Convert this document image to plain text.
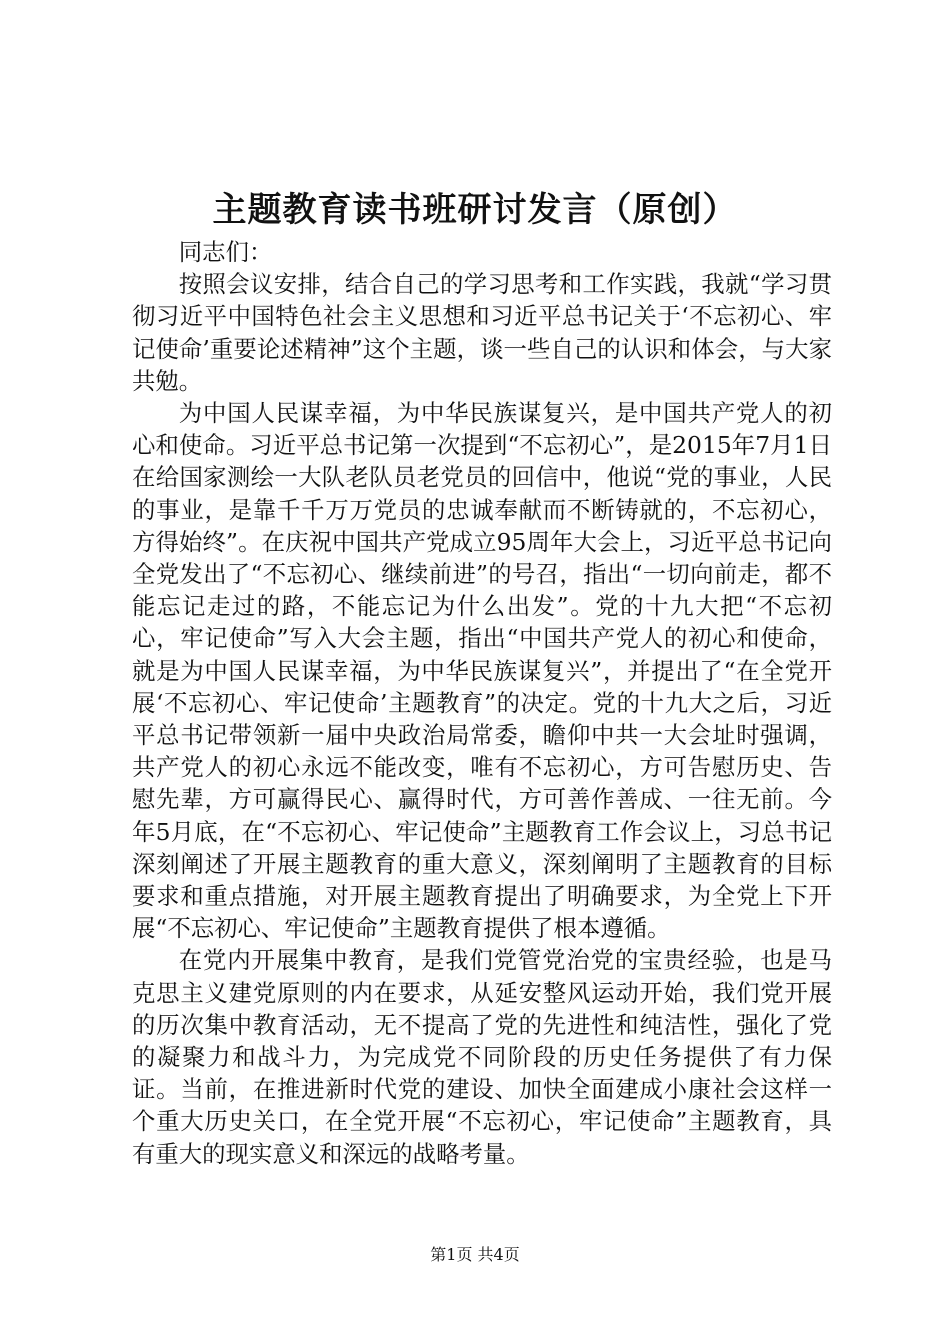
主题教育读书班研讨发言（原创）

同志们：

按照会议安排，结合自己的学习思考和工作实践，我就“学习贯彻习近平中国特色社会主义思想和习近平总书记关于‘不忘初心、牢记使命’重要论述精神”这个主题，谈一些自己的认识和体会，与大家共勉。

为中国人民谋幸福，为中华民族谋复兴，是中国共产党人的初心和使命。习近平总书记第一次提到“不忘初心”，是2015年7月1日在给国家测绘一大队老队员老党员的回信中，他说“党的事业，人民的事业，是靠千千万万党员的忠诚奉献而不断铸就的，不忘初心，方得始终”。在庆祝中国共产党成立95周年大会上，习近平总书记向全党发出了“不忘初心、继续前进”的号召，指出“一切向前走，都不能忘记走过的路，不能忘记为什么出发”。党的十九大把“不忘初心，牢记使命”写入大会主题，指出“中国共产党人的初心和使命，就是为中国人民谋幸福，为中华民族谋复兴”，并提出了“在全党开展‘不忘初心、牢记使命’主题教育”的决定。党的十九大之后，习近平总书记带领新一届中央政治局常委，瞻仰中共一大会址时强调，共产党人的初心永远不能改变，唯有不忘初心，方可告慰历史、告慰先辈，方可赢得民心、赢得时代，方可善作善成、一往无前。今年5月底，在“不忘初心、牢记使命”主题教育工作会议上，习总书记深刻阐述了开展主题教育的重大意义，深刻阐明了主题教育的目标要求和重点措施，对开展主题教育提出了明确要求，为全党上下开展“不忘初心、牢记使命”主题教育提供了根本遵循。

在党内开展集中教育，是我们党管党治党的宝贵经验，也是马克思主义建党原则的内在要求，从延安整风运动开始，我们党开展的历次集中教育活动，无不提高了党的先进性和纯洁性，强化了党的凝聚力和战斗力，为完成党不同阶段的历史任务提供了有力保证。当前，在推进新时代党的建设、加快全面建成小康社会这样一个重大历史关口，在全党开展“不忘初心，牢记使命”主题教育，具有重大的现实意义和深远的战略考量。

第1页 共4页
